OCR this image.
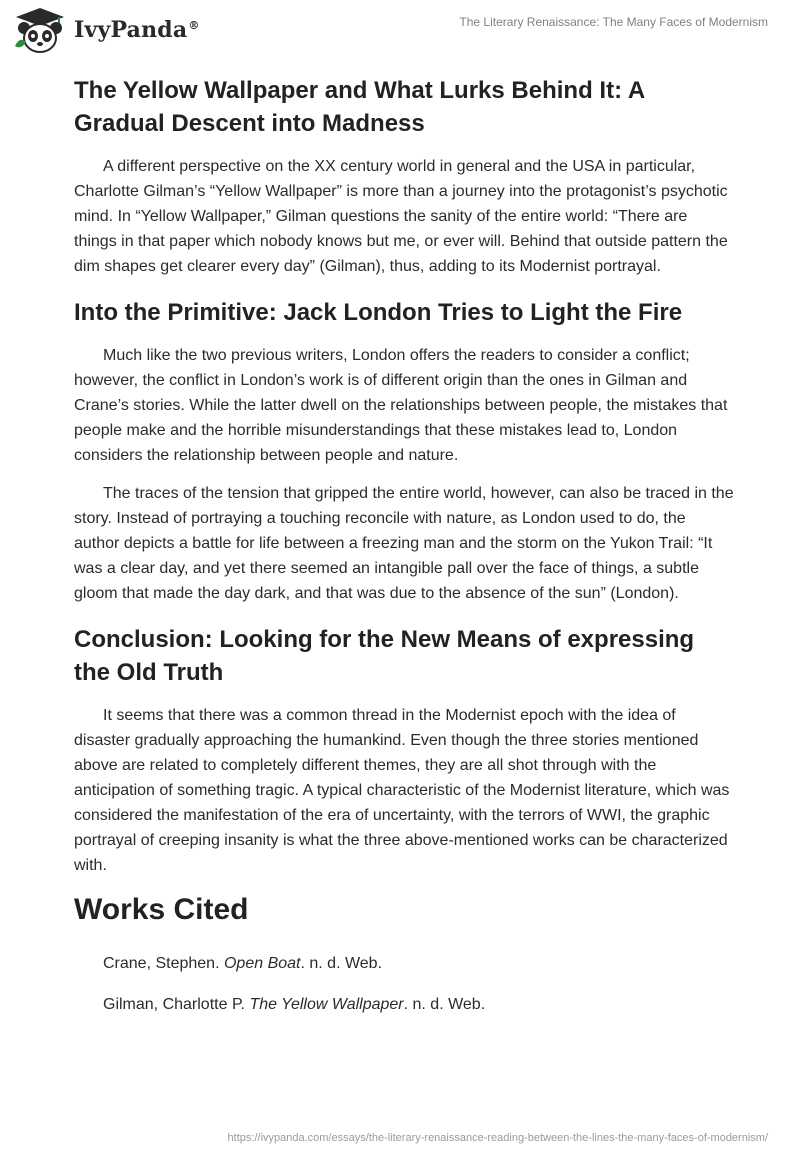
IvyPanda®	The Literary Renaissance: The Many Faces of Modernism
The Yellow Wallpaper and What Lurks Behind It: A Gradual Descent into Madness

A different perspective on the XX century world in general and the USA in particular, Charlotte Gilman’s “Yellow Wallpaper” is more than a journey into the protagonist’s psychotic mind. In “Yellow Wallpaper,” Gilman questions the sanity of the entire world: “There are things in that paper which nobody knows but me, or ever will. Behind that outside pattern the dim shapes get clearer every day” (Gilman), thus, adding to its Modernist portrayal.

Into the Primitive: Jack London Tries to Light the Fire

Much like the two previous writers, London offers the readers to consider a conflict; however, the conflict in London’s work is of different origin than the ones in Gilman and Crane’s stories. While the latter dwell on the relationships between people, the mistakes that people make and the horrible misunderstandings that these mistakes lead to, London considers the relationship between people and nature.

The traces of the tension that gripped the entire world, however, can also be traced in the story. Instead of portraying a touching reconcile with nature, as London used to do, the author depicts a battle for life between a freezing man and the storm on the Yukon Trail: “It was a clear day, and yet there seemed an intangible pall over the face of things, a subtle gloom that made the day dark, and that was due to the absence of the sun” (London).

Conclusion: Looking for the New Means of expressing the Old Truth

It seems that there was a common thread in the Modernist epoch with the idea of disaster gradually approaching the humankind. Even though the three stories mentioned above are related to completely different themes, they are all shot through with the anticipation of something tragic. A typical characteristic of the Modernist literature, which was considered the manifestation of the era of uncertainty, with the terrors of WWI, the graphic portrayal of creeping insanity is what the three above-mentioned works can be characterized with.

Works Cited
Crane, Stephen. Open Boat. n. d. Web.
Gilman, Charlotte P. The Yellow Wallpaper. n. d. Web.
https://ivypanda.com/essays/the-literary-renaissance-reading-between-the-lines-the-many-faces-of-modernism/
